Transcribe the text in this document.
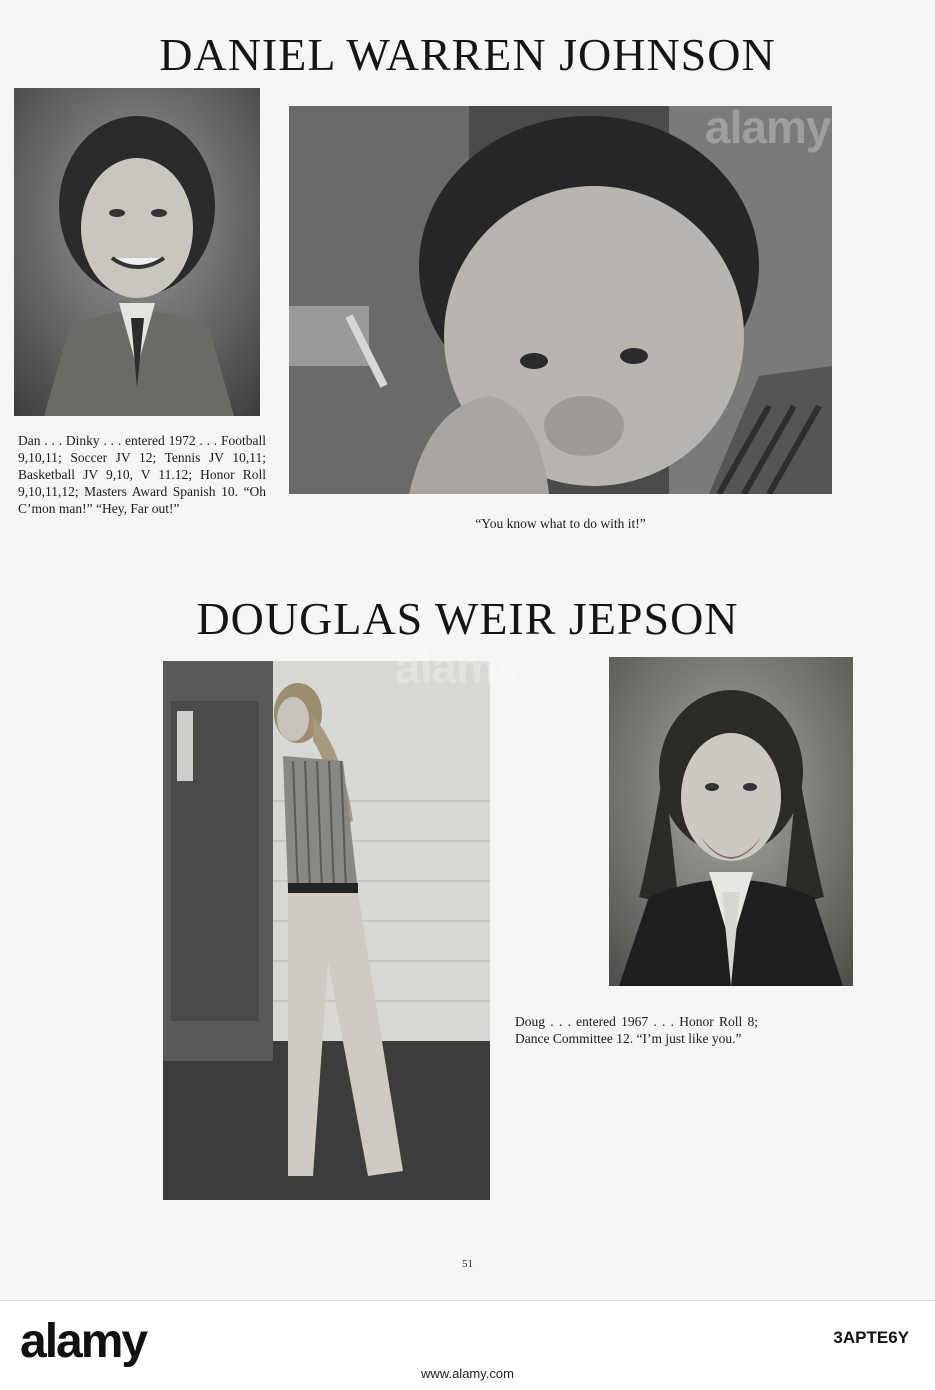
DANIEL WARREN JOHNSON

Dan . . . Dinky . . . entered 1972 . . . Football 9,10,11; Soccer JV 12; Tennis JV 10,11; Basketball JV 9,10, V 11.12; Honor Roll 9,10,11,12; Masters Award Spanish 10. “Oh C’mon man!” “Hey, Far out!”

“You know what to do with it!”

DOUGLAS WEIR JEPSON

Doug . . . entered 1967 . . . Honor Roll 8; Dance Committee 12. “I’m just like you.”

51
alamy
alamy
alamy	3APTE6Y
www.alamy.com
